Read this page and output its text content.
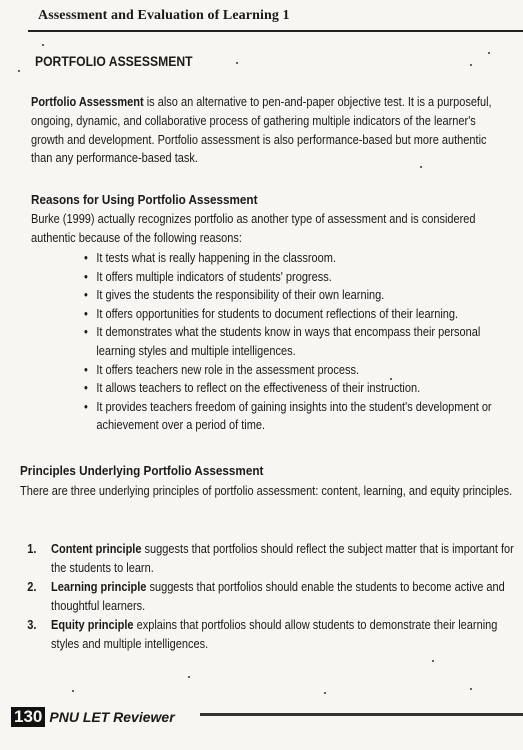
Assessment and Evaluation of Learning 1
PORTFOLIO ASSESSMENT
Portfolio Assessment is also an alternative to pen-and-paper objective test. It is a purposeful, ongoing, dynamic, and collaborative process of gathering multiple indicators of the learner's growth and development. Portfolio assessment is also performance-based but more authentic than any performance-based task.
Reasons for Using Portfolio Assessment
Burke (1999) actually recognizes portfolio as another type of assessment and is considered authentic because of the following reasons:
• It tests what is really happening in the classroom.
• It offers multiple indicators of students' progress.
• It gives the students the responsibility of their own learning.
• It offers opportunities for students to document reflections of their learning.
• It demonstrates what the students know in ways that encompass their personal learning styles and multiple intelligences.
• It offers teachers new role in the assessment process.
• It allows teachers to reflect on the effectiveness of their instruction.
• It provides teachers freedom of gaining insights into the student's development or achievement over a period of time.
Principles Underlying Portfolio Assessment
There are three underlying principles of portfolio assessment: content, learning, and equity principles.
1. Content principle suggests that portfolios should reflect the subject matter that is important for the students to learn.
2. Learning principle suggests that portfolios should enable the students to become active and thoughtful learners.
3. Equity principle explains that portfolios should allow students to demonstrate their learning styles and multiple intelligences.
130 PNU LET Reviewer
